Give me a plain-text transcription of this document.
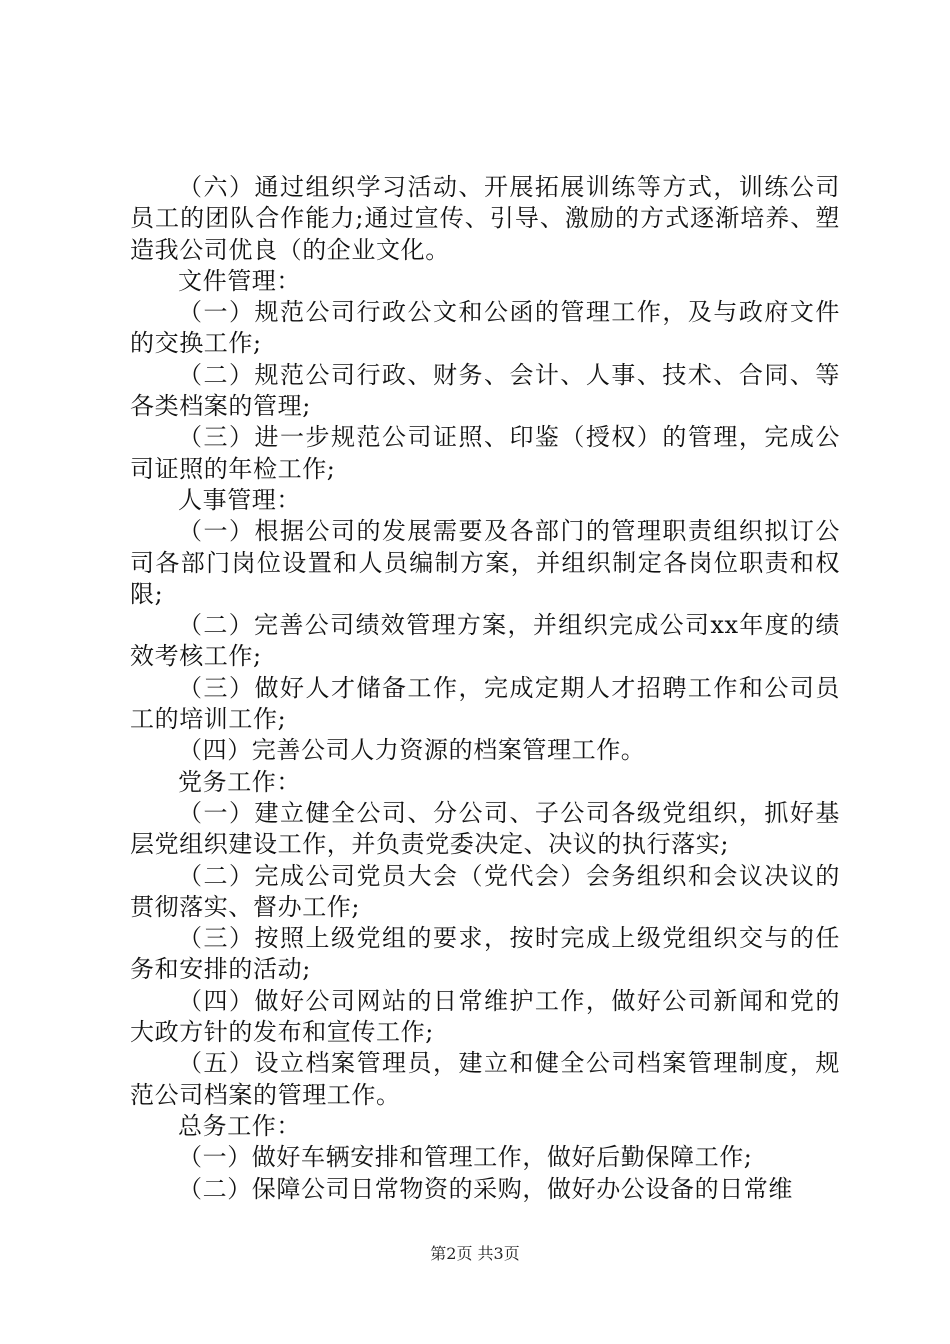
（六）通过组织学习活动、开展拓展训练等方式，训练公司员工的团队合作能力;通过宣传、引导、激励的方式逐渐培养、塑造我公司优良（的企业文化。

文件管理：

（一）规范公司行政公文和公函的管理工作，及与政府文件的交换工作;

（二）规范公司行政、财务、会计、人事、技术、合同、等各类档案的管理;

（三）进一步规范公司证照、印鉴（授权）的管理，完成公司证照的年检工作;

人事管理：

（一）根据公司的发展需要及各部门的管理职责组织拟订公司各部门岗位设置和人员编制方案，并组织制定各岗位职责和权限;

（二）完善公司绩效管理方案，并组织完成公司xx年度的绩效考核工作;

（三）做好人才储备工作，完成定期人才招聘工作和公司员工的培训工作;

（四）完善公司人力资源的档案管理工作。

党务工作：

（一）建立健全公司、分公司、子公司各级党组织，抓好基层党组织建设工作，并负责党委决定、决议的执行落实;

（二）完成公司党员大会（党代会）会务组织和会议决议的贯彻落实、督办工作;

（三）按照上级党组的要求，按时完成上级党组织交与的任务和安排的活动;

（四）做好公司网站的日常维护工作，做好公司新闻和党的大政方针的发布和宣传工作;

（五）设立档案管理员，建立和健全公司档案管理制度，规范公司档案的管理工作。

总务工作：

（一）做好车辆安排和管理工作，做好后勤保障工作;

（二）保障公司日常物资的采购，做好办公设备的日常维

第2页 共3页
